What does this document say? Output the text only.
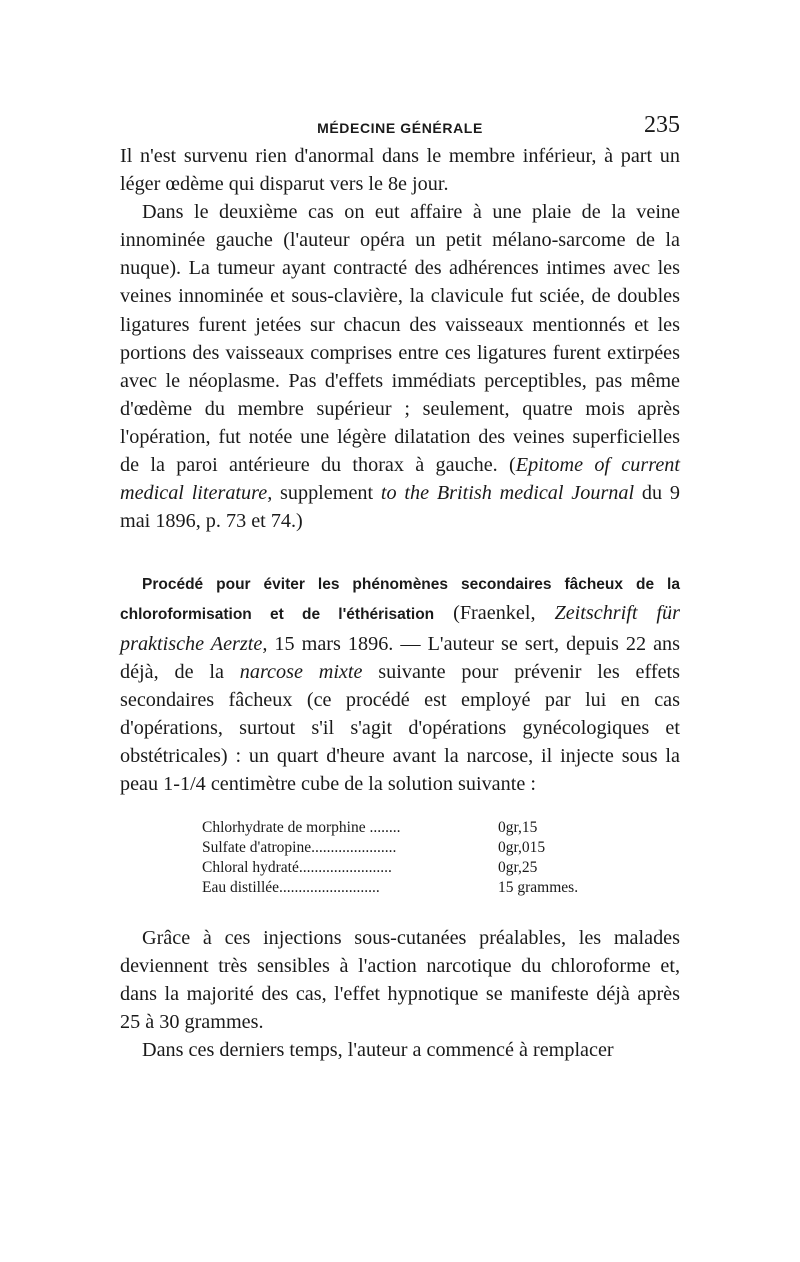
MÉDECINE GÉNÉRALE	235

Il n'est survenu rien d'anormal dans le membre inférieur, à part un léger œdème qui disparut vers le 8e jour.

Dans le deuxième cas on eut affaire à une plaie de la veine innominée gauche (l'auteur opéra un petit mélano-sarcome de la nuque). La tumeur ayant contracté des adhérences intimes avec les veines innominée et sous-clavière, la clavicule fut sciée, de doubles ligatures furent jetées sur chacun des vaisseaux mentionnés et les portions des vaisseaux comprises entre ces ligatures furent extirpées avec le néoplasme. Pas d'effets immédiats perceptibles, pas même d'œdème du membre supérieur ; seulement, quatre mois après l'opération, fut notée une légère dilatation des veines superficielles de la paroi antérieure du thorax à gauche. (Epitome of current medical literature, supplement to the British medical Journal du 9 mai 1896, p. 73 et 74.)

Procédé pour éviter les phénomènes secondaires fâcheux de la chloroformisation et de l'éthérisation (Fraenkel, Zeitschrift für praktische Aerzte, 15 mars 1896. — L'auteur se sert, depuis 22 ans déjà, de la narcose mixte suivante pour prévenir les effets secondaires fâcheux (ce procédé est employé par lui en cas d'opérations, surtout s'il s'agit d'opérations gynécologiques et obstétricales) : un quart d'heure avant la narcose, il injecte sous la peau 1-1/4 centimètre cube de la solution suivante :

Chlorhydrate de morphine ........	0gr,15
Sulfate d'atropine......................	0gr,015
Chloral hydraté........................	0gr,25
Eau distillée..........................	15 grammes.

Grâce à ces injections sous-cutanées préalables, les malades deviennent très sensibles à l'action narcotique du chloroforme et, dans la majorité des cas, l'effet hypnotique se manifeste déjà après 25 à 30 grammes.

Dans ces derniers temps, l'auteur a commencé à remplacer
